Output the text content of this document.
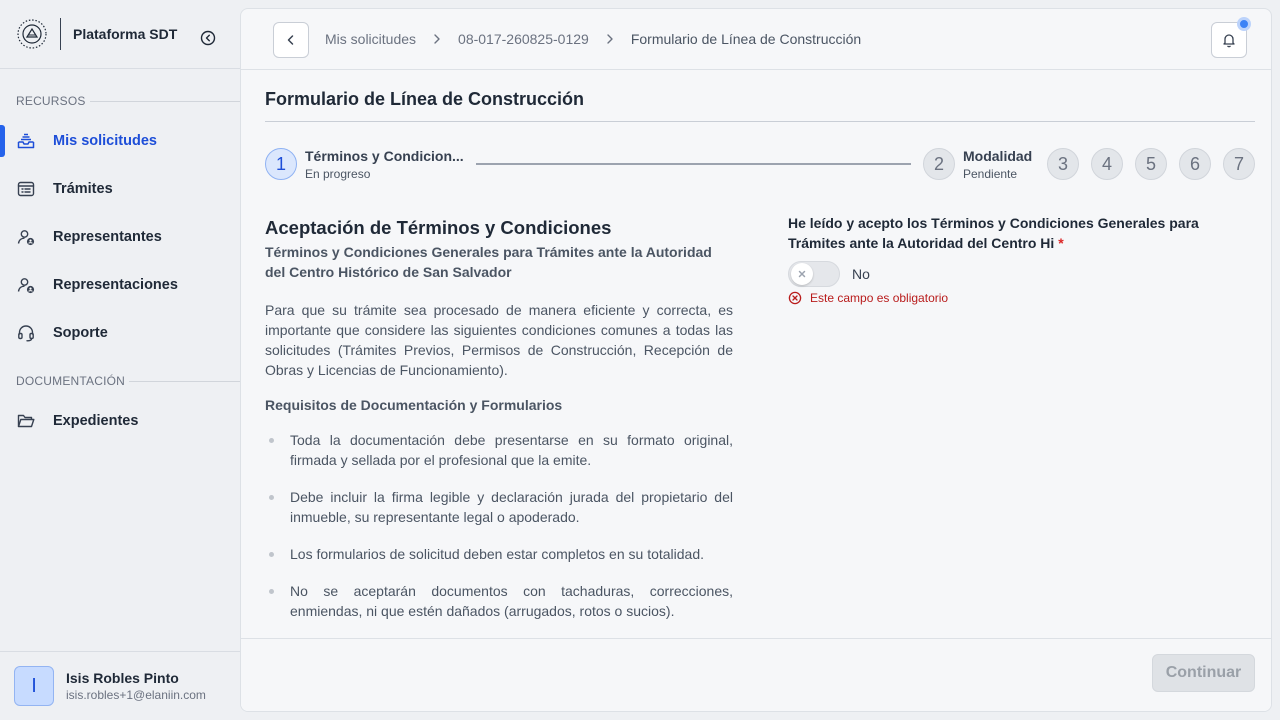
Plataforma SDT
RECURSOS
Mis solicitudes
Trámites
Representantes
Representaciones
Soporte
DOCUMENTACIÓN
Expedientes
I	Isis Robles Pinto
isis.robles+1@elaniin.com
Mis solicitudes	08-017-260825-0129	Formulario de Línea de Construcción
Formulario de Línea de Construcción
1	Términos y Condicion...
En progreso
2	Modalidad
Pendiente
3	4	5	6	7
Aceptación de Términos y Condiciones
Términos y Condiciones Generales para Trámites ante la Autoridad del Centro Histórico de San Salvador

Para que su trámite sea procesado de manera eficiente y correcta, es importante que considere las siguientes condiciones comunes a todas las solicitudes (Trámites Previos, Permisos de Construcción, Recepción de Obras y Licencias de Funcionamiento).

Requisitos de Documentación y Formularios
Toda la documentación debe presentarse en su formato original, firmada y sellada por el profesional que la emite.
Debe incluir la firma legible y declaración jurada del propietario del inmueble, su representante legal o apoderado.
Los formularios de solicitud deben estar completos en su totalidad.
No se aceptarán documentos con tachaduras, correcciones, enmiendas, ni que estén dañados (arrugados, rotos o sucios).
He leído y acepto los Términos y Condiciones Generales para Trámites ante la Autoridad del Centro Hi *
No
Este campo es obligatorio
Continuar
